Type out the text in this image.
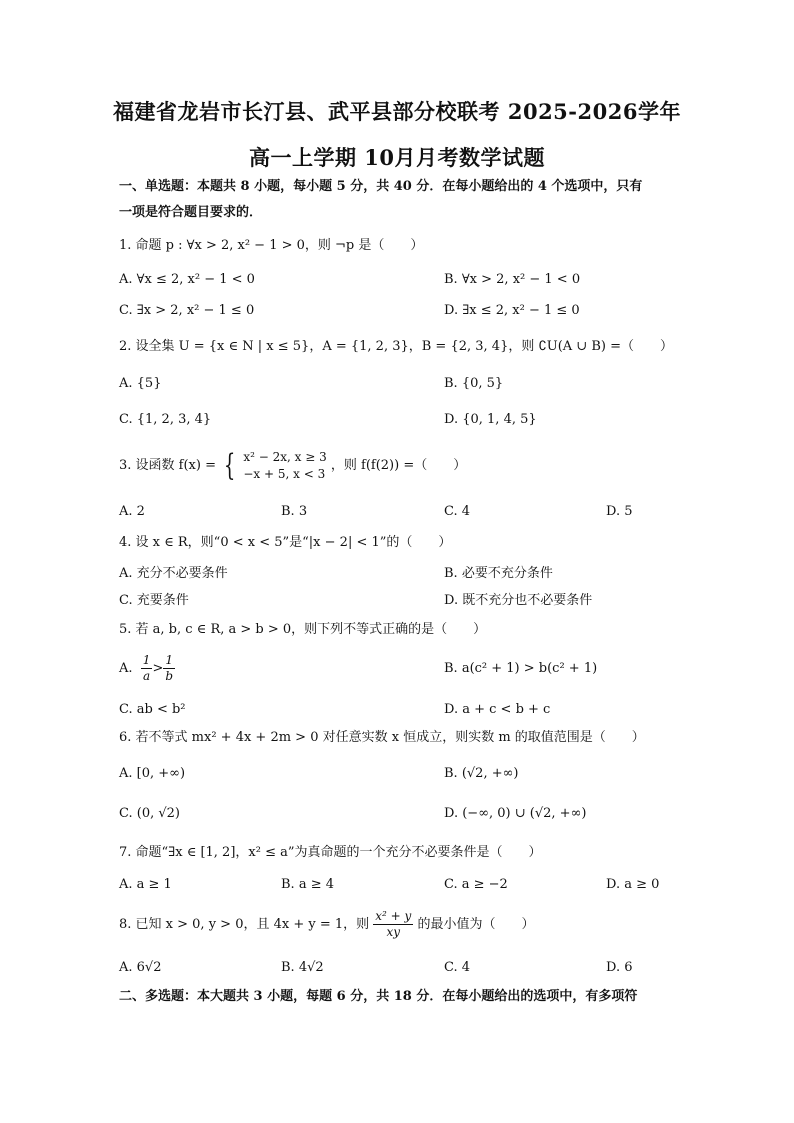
福建省龙岩市长汀县、武平县部分校联考 2025-2026学年
高一上学期 10月月考数学试题
一、单选题：本题共 8 小题，每小题 5 分，共 40 分．在每小题给出的 4 个选项中，只有
一项是符合题目要求的．
1. 命题 p : ∀x > 2, x² − 1 > 0，则 ¬p 是（　　）
A. ∀x ≤ 2, x² − 1 < 0	B. ∀x > 2, x² − 1 < 0
C. ∃x > 2, x² − 1 ≤ 0	D. ∃x ≤ 2, x² − 1 ≤ 0
2. 设全集 U = {x ∈ N | x ≤ 5}，A = {1, 2, 3}，B = {2, 3, 4}，则 ∁U(A ∪ B) =（　　）
A. {5}	B. {0, 5}
C. {1, 2, 3, 4}	D. {0, 1, 4, 5}
3. 设函数 f(x) = { x² − 2x, x ≥ 3
−x + 5, x < 3
，则 f(f(2)) =（　　）
A. 2	B. 3	C. 4	D. 5
4. 设 x ∈ R，则“0 < x < 5”是“|x − 2| < 1”的（　　）
A. 充分不必要条件	B. 必要不充分条件
C. 充要条件	D. 既不充分也不必要条件
5. 若 a, b, c ∈ R, a > b > 0，则下列不等式正确的是（　　）
A. $\frac{1}{a} > \frac{1}{b}$	B. a(c² + 1) > b(c² + 1)
C. ab < b²	D. a + c < b + c
6. 若不等式 mx² + 4x + 2m > 0 对任意实数 x 恒成立，则实数 m 的取值范围是（　　）
A. [0, +∞)	B. (√2, +∞)
C. (0, √2)	D. (−∞, 0) ∪ (√2, +∞)
7. 命题“∃x ∈ [1, 2]，x² ≤ a”为真命题的一个充分不必要条件是（　　）
A. a ≥ 1	B. a ≥ 4	C. a ≥ −2	D. a ≥ 0
8. 已知 x > 0, y > 0，且 4x + y = 1，则 $\frac{\text{x² + y}}{xy}$ 的最小值为（　　）
A. 6√2	B. 4√2	C. 4	D. 6
二、多选题：本大题共 3 小题，每题 6 分，共 18 分．在每小题给出的选项中，有多项符
